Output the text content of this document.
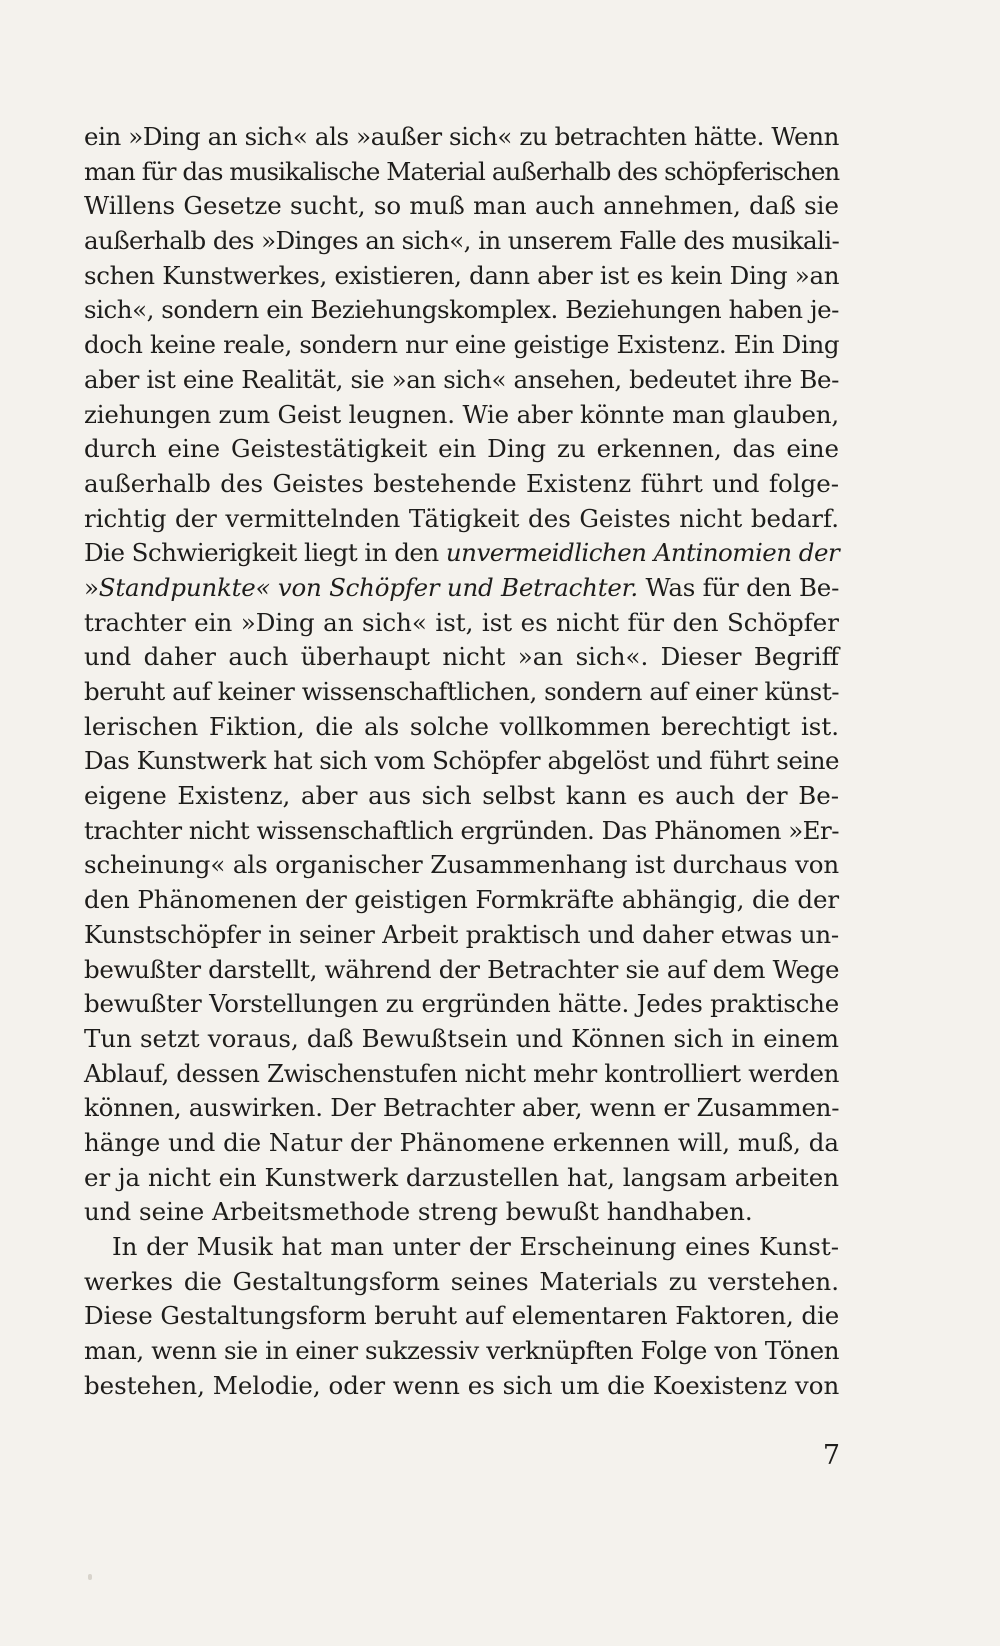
ein »Ding an sich« als »außer sich« zu betrachten hätte. Wenn
man für das musikalische Material außerhalb des schöpferischen
Willens Gesetze sucht, so muß man auch annehmen, daß sie
außerhalb des »Dinges an sich«, in unserem Falle des musikali-
schen Kunstwerkes, existieren, dann aber ist es kein Ding »an
sich«, sondern ein Beziehungskomplex. Beziehungen haben je-
doch keine reale, sondern nur eine geistige Existenz. Ein Ding
aber ist eine Realität, sie »an sich« ansehen, bedeutet ihre Be-
ziehungen zum Geist leugnen. Wie aber könnte man glauben,
durch eine Geistestätigkeit ein Ding zu erkennen, das eine
außerhalb des Geistes bestehende Existenz führt und folge-
richtig der vermittelnden Tätigkeit des Geistes nicht bedarf.
Die Schwierigkeit liegt in den unvermeidlichen Antinomien der
»Standpunkte« von Schöpfer und Betrachter. Was für den Be-
trachter ein »Ding an sich« ist, ist es nicht für den Schöpfer
und daher auch überhaupt nicht »an sich«. Dieser Begriff
beruht auf keiner wissenschaftlichen, sondern auf einer künst-
lerischen Fiktion, die als solche vollkommen berechtigt ist.
Das Kunstwerk hat sich vom Schöpfer abgelöst und führt seine
eigene Existenz, aber aus sich selbst kann es auch der Be-
trachter nicht wissenschaftlich ergründen. Das Phänomen »Er-
scheinung« als organischer Zusammenhang ist durchaus von
den Phänomenen der geistigen Formkräfte abhängig, die der
Kunstschöpfer in seiner Arbeit praktisch und daher etwas un-
bewußter darstellt, während der Betrachter sie auf dem Wege
bewußter Vorstellungen zu ergründen hätte. Jedes praktische
Tun setzt voraus, daß Bewußtsein und Können sich in einem
Ablauf, dessen Zwischenstufen nicht mehr kontrolliert werden
können, auswirken. Der Betrachter aber, wenn er Zusammen-
hänge und die Natur der Phänomene erkennen will, muß, da
er ja nicht ein Kunstwerk darzustellen hat, langsam arbeiten
und seine Arbeitsmethode streng bewußt handhaben.
In der Musik hat man unter der Erscheinung eines Kunst-
werkes die Gestaltungsform seines Materials zu verstehen.
Diese Gestaltungsform beruht auf elementaren Faktoren, die
man, wenn sie in einer sukzessiv verknüpften Folge von Tönen
bestehen, Melodie, oder wenn es sich um die Koexistenz von
7
